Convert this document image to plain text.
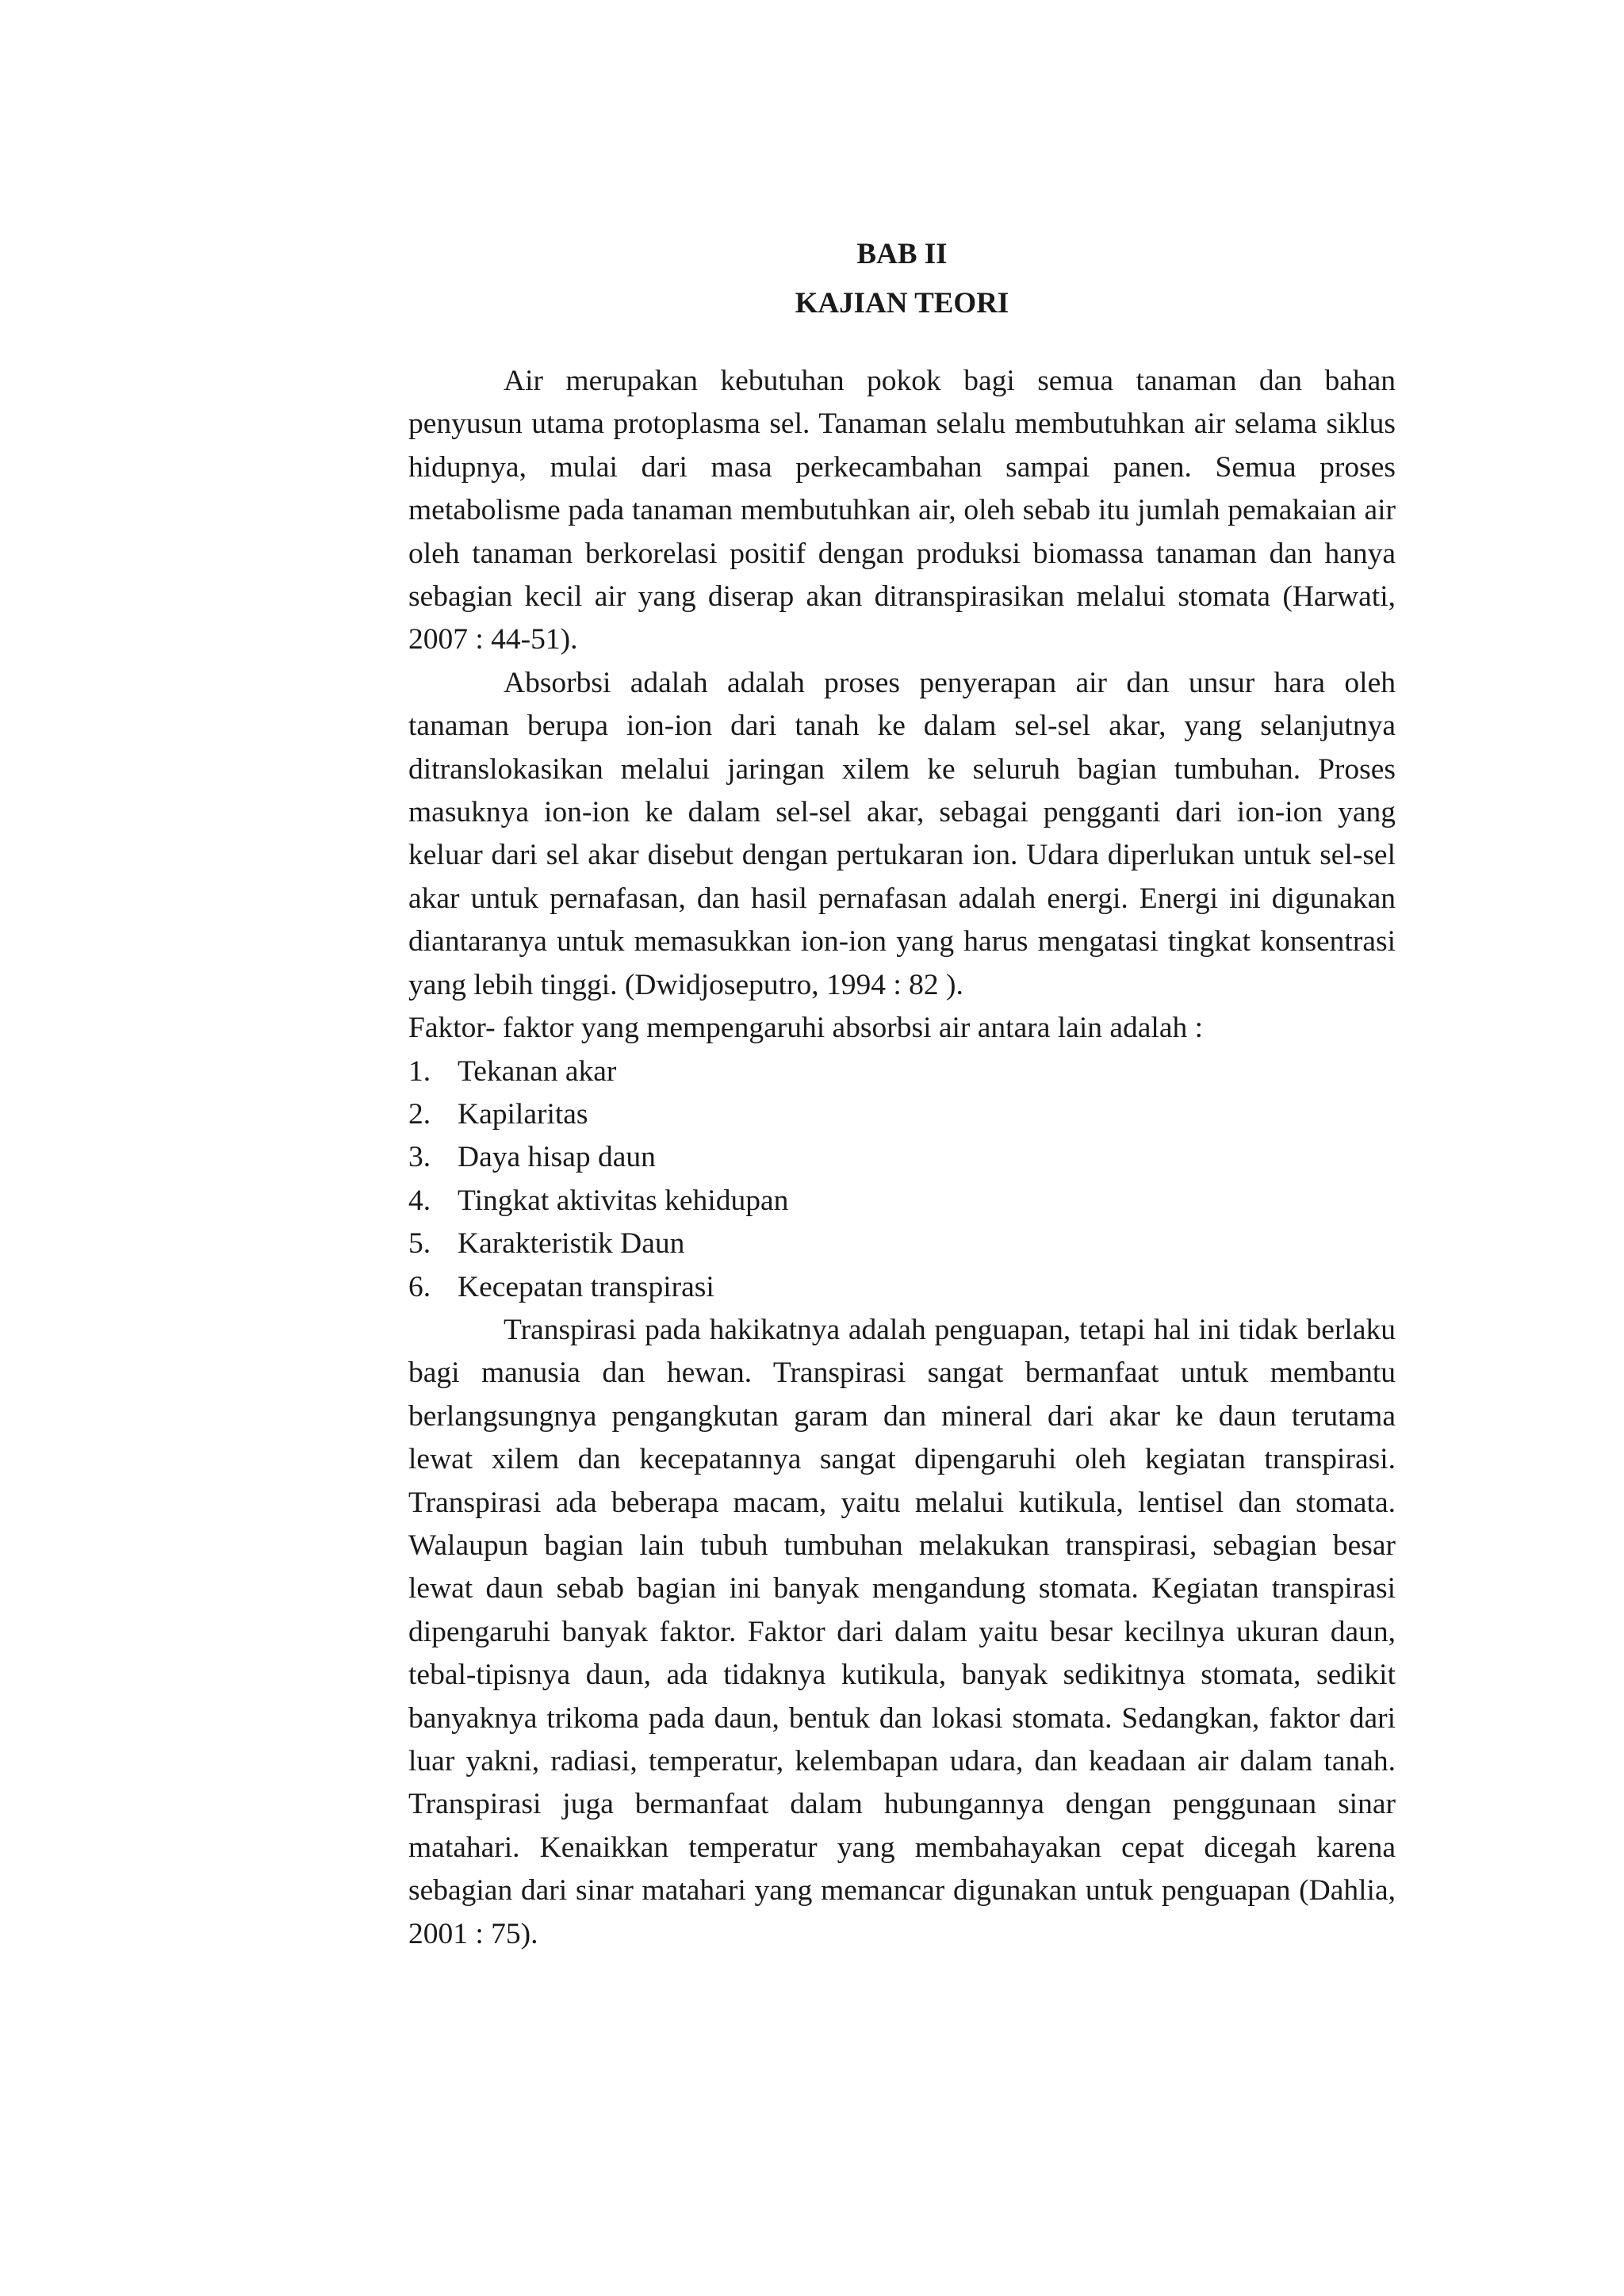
BAB II

KAJIAN TEORI

Air merupakan kebutuhan pokok bagi semua tanaman dan bahan penyusun utama protoplasma sel. Tanaman selalu membutuhkan air selama siklus hidupnya, mulai dari masa perkecambahan sampai panen. Semua proses metabolisme pada tanaman membutuhkan air, oleh sebab itu jumlah pemakaian air oleh tanaman berkorelasi positif dengan produksi biomassa tanaman dan hanya sebagian kecil air yang diserap akan ditranspirasikan melalui stomata (Harwati, 2007 : 44-51).

Absorbsi adalah adalah proses penyerapan air dan unsur hara oleh tanaman berupa ion-ion dari tanah ke dalam sel-sel akar, yang selanjutnya ditranslokasikan melalui jaringan xilem ke seluruh bagian tumbuhan. Proses masuknya ion-ion ke dalam sel-sel akar, sebagai pengganti dari ion-ion yang keluar dari sel akar disebut dengan pertukaran ion. Udara diperlukan untuk sel-sel akar untuk pernafasan, dan hasil pernafasan adalah energi. Energi ini digunakan diantaranya untuk memasukkan ion-ion yang harus mengatasi tingkat konsentrasi yang lebih tinggi. (Dwidjoseputro, 1994 : 82 ).

Faktor- faktor yang mempengaruhi absorbsi air antara lain adalah :

1. Tekanan akar
2. Kapilaritas
3. Daya hisap daun
4. Tingkat aktivitas kehidupan
5. Karakteristik Daun
6. Kecepatan transpirasi

Transpirasi pada hakikatnya adalah penguapan, tetapi hal ini tidak berlaku bagi manusia dan hewan. Transpirasi sangat bermanfaat untuk membantu berlangsungnya pengangkutan garam dan mineral dari akar ke daun terutama lewat xilem dan kecepatannya sangat dipengaruhi oleh kegiatan transpirasi. Transpirasi ada beberapa macam, yaitu melalui kutikula, lentisel dan stomata. Walaupun bagian lain tubuh tumbuhan melakukan transpirasi, sebagian besar lewat daun sebab bagian ini banyak mengandung stomata. Kegiatan transpirasi dipengaruhi banyak faktor. Faktor dari dalam yaitu besar kecilnya ukuran daun, tebal-tipisnya daun, ada tidaknya kutikula, banyak sedikitnya stomata, sedikit banyaknya trikoma pada daun, bentuk dan lokasi stomata. Sedangkan, faktor dari luar yakni, radiasi, temperatur, kelembapan udara, dan keadaan air dalam tanah. Transpirasi juga bermanfaat dalam hubungannya dengan penggunaan sinar matahari. Kenaikkan temperatur yang membahayakan cepat dicegah karena sebagian dari sinar matahari yang memancar digunakan untuk penguapan (Dahlia, 2001 : 75).
